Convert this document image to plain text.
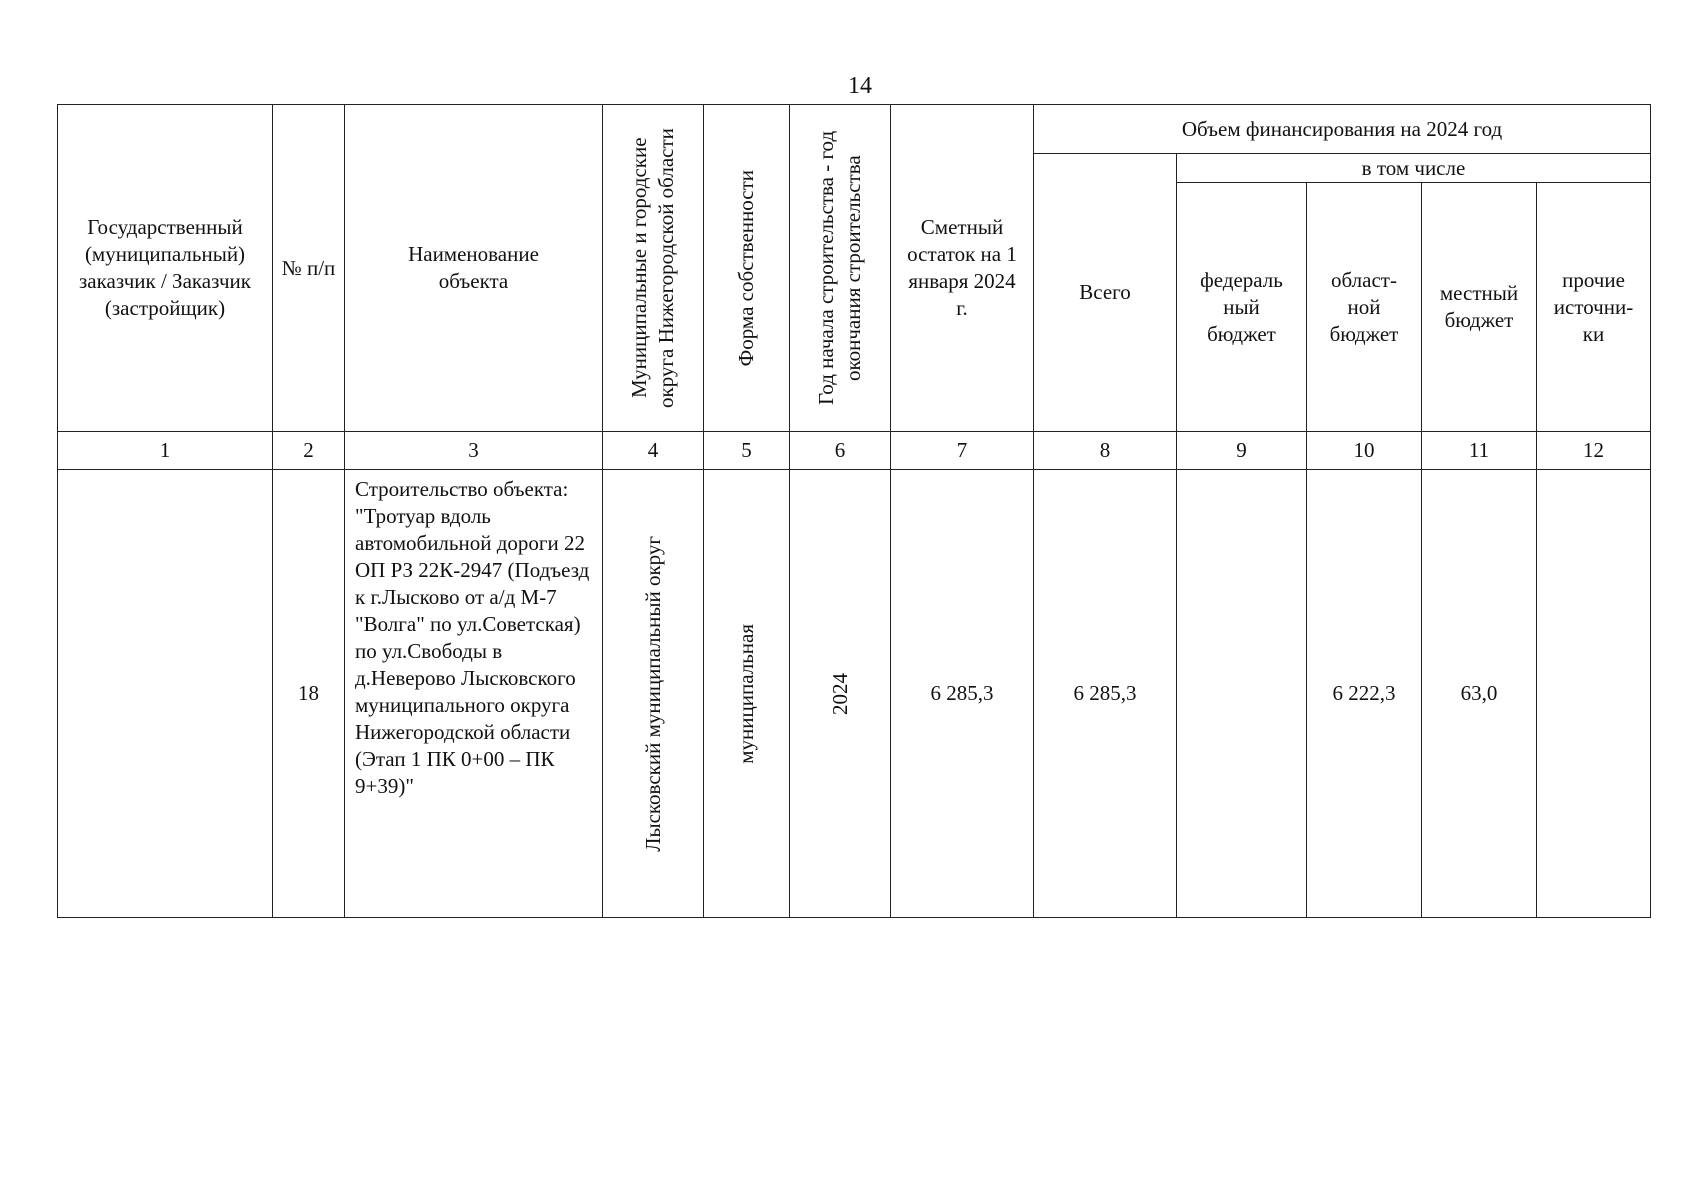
14
Государственный (муниципальный) заказчик / Заказчик (застройщик)	№ п/п	Наименование объекта	Муниципальные и городские округа Нижегородской области	Форма собственности	Год начала строительства - год окончания строительства	Сметный остаток на 1 января 2024 г.	Объем финансирования на 2024 год				
							Всего	в том числе			
								федераль ный бюджет	област- ной бюджет	местный бюджет	прочие источни- ки
1	2	3	4	5	6	7	8	9	10	11	12
	18	Строительство объекта: "Тротуар вдоль автомобильной дороги 22 ОП РЗ 22К-2947 (Подъезд к г.Лысково от а/д М-7 "Волга" по ул.Советская) по ул.Свободы в д.Неверово Лысковского муниципального округа Нижегородской области (Этап 1 ПК 0+00 – ПК 9+39)"	Лысковский муниципальный округ	муниципальная	2024	6 285,3	6 285,3		6 222,3	63,0	
